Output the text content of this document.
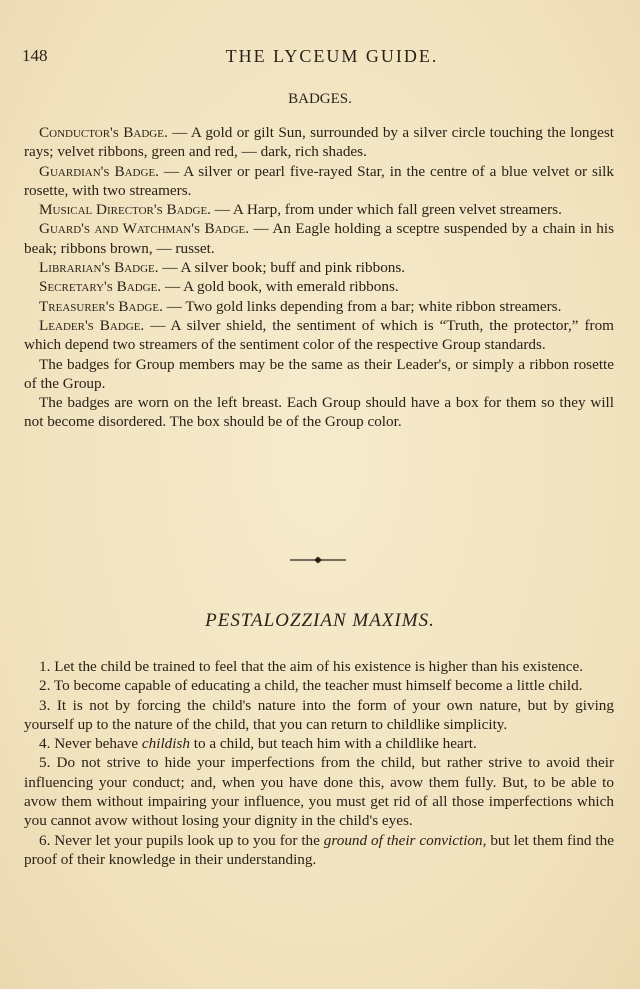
148	THE LYCEUM GUIDE.
BADGES.

Conductor's Badge. — A gold or gilt Sun, surrounded by a silver circle touching the longest rays; velvet ribbons, green and red, — dark, rich shades.

Guardian's Badge. — A silver or pearl five-rayed Star, in the centre of a blue velvet or silk rosette, with two streamers.

Musical Director's Badge. — A Harp, from under which fall green velvet streamers.

Guard's and Watchman's Badge. — An Eagle holding a sceptre suspended by a chain in his beak; ribbons brown, — russet.

Librarian's Badge. — A silver book; buff and pink ribbons.

Secretary's Badge. — A gold book, with emerald ribbons.

Treasurer's Badge. — Two gold links depending from a bar; white ribbon streamers.

Leader's Badge. — A silver shield, the sentiment of which is “Truth, the protector,” from which depend two streamers of the sentiment color of the respective Group standards.

The badges for Group members may be the same as their Leader's, or simply a ribbon rosette of the Group.

The badges are worn on the left breast. Each Group should have a box for them so they will not become disordered. The box should be of the Group color.

PESTALOZZIAN MAXIMS.

1. Let the child be trained to feel that the aim of his existence is higher than his existence.

2. To become capable of educating a child, the teacher must himself become a little child.

3. It is not by forcing the child's nature into the form of your own nature, but by giving yourself up to the nature of the child, that you can return to childlike simplicity.

4. Never behave childish to a child, but teach him with a childlike heart.

5. Do not strive to hide your imperfections from the child, but rather strive to avoid their influencing your conduct; and, when you have done this, avow them fully. But, to be able to avow them without impairing your influence, you must get rid of all those imperfections which you cannot avow without losing your dignity in the child's eyes.

6. Never let your pupils look up to you for the ground of their conviction, but let them find the proof of their knowledge in their understanding.
